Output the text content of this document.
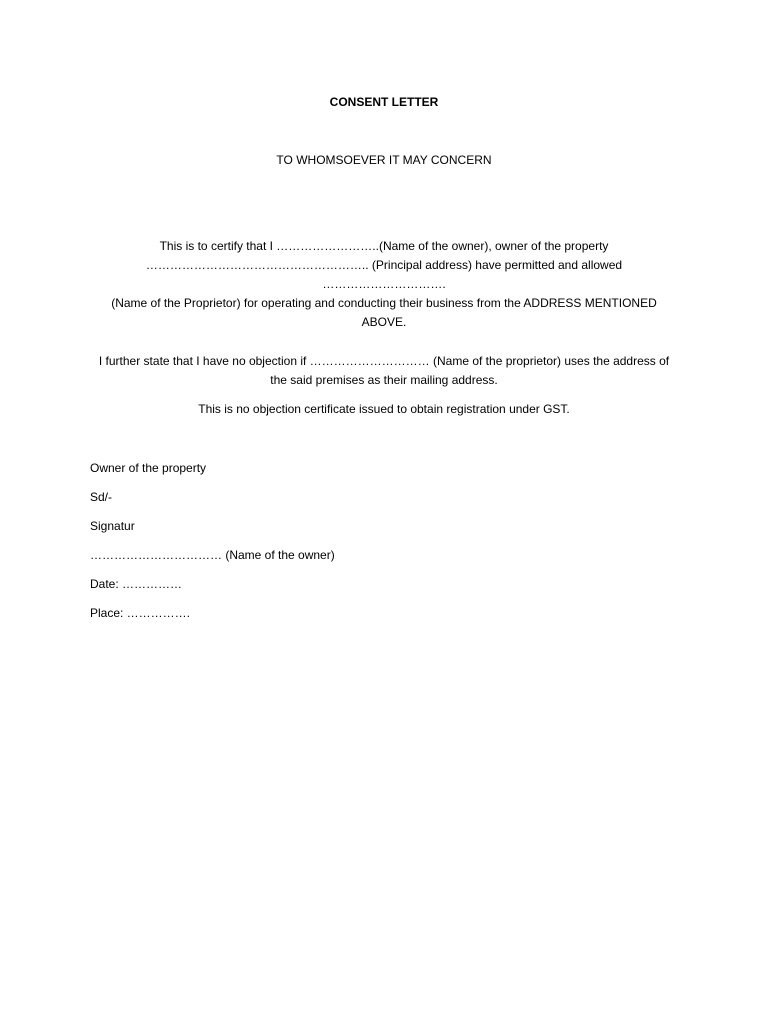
CONSENT LETTER
TO WHOMSOEVER IT MAY CONCERN

This is to certify that I ……………………..(Name of the owner), owner of the property

……………………………………………….. (Principal address) have permitted and allowed ………………………….

(Name of the Proprietor) for operating and conducting their business from the ADDRESS MENTIONED

ABOVE.

I further state that I have no objection if ………………………… (Name of the proprietor) uses the address of

the said premises as their mailing address.

This is no objection certificate issued to obtain registration under GST.

Owner of the property
Sd/-
Signatur
…………………………… (Name of the owner)
Date: ……………
Place: …………….
